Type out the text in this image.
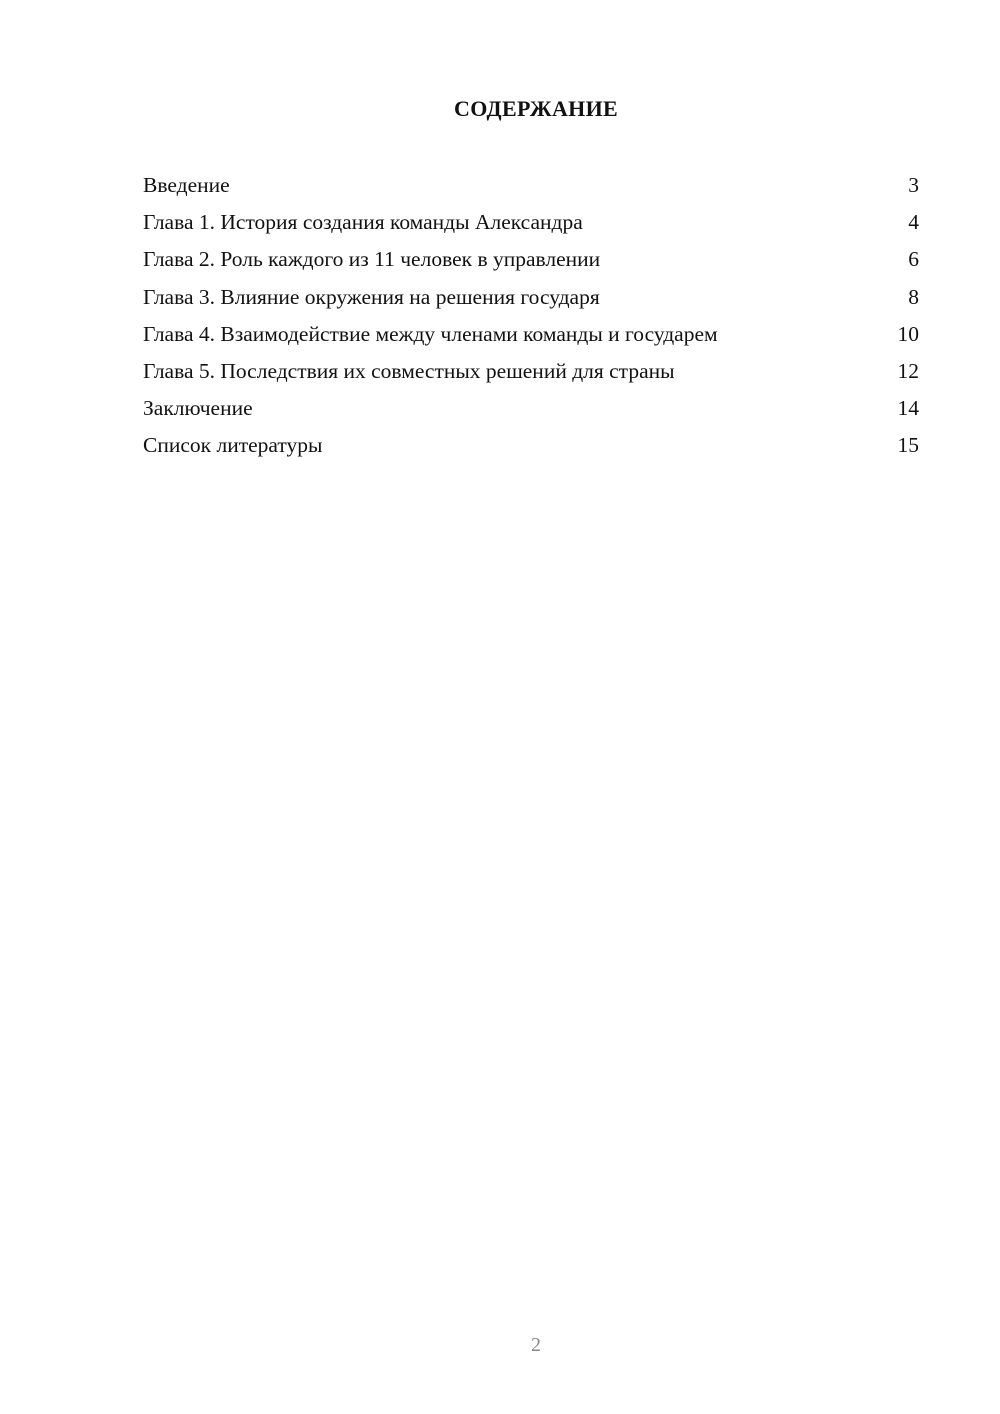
СОДЕРЖАНИЕ
Введение	3
Глава 1. История создания команды Александра	4
Глава 2. Роль каждого из 11 человек в управлении	6
Глава 3. Влияние окружения на решения государя	8
Глава 4. Взаимодействие между членами команды и государем	10
Глава 5. Последствия их совместных решений для страны	12
Заключение	14
Список литературы	15
2
